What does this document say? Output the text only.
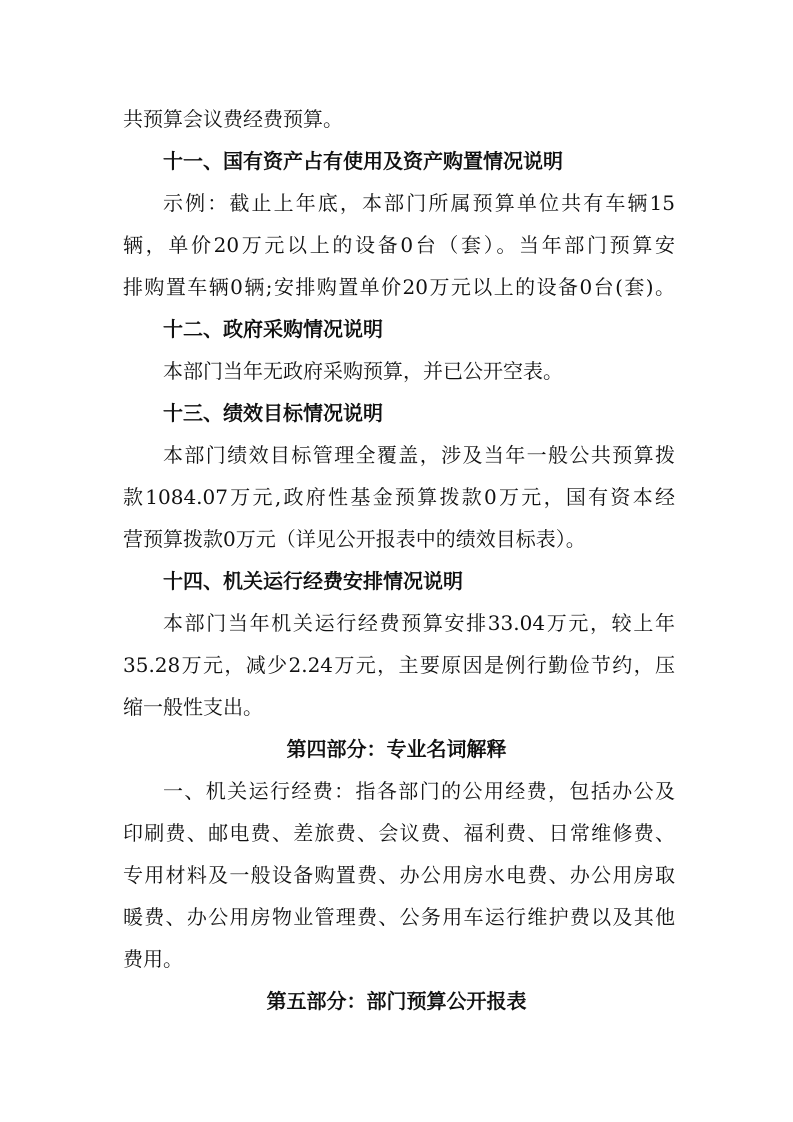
共预算会议费经费预算。
十一、国有资产占有使用及资产购置情况说明
示例：截止上年底，本部门所属预算单位共有车辆15
辆，单价20万元以上的设备0台（套）。当年部门预算安
排购置车辆0辆;安排购置单价20万元以上的设备0台(套)。
十二、政府采购情况说明
本部门当年无政府采购预算，并已公开空表。
十三、绩效目标情况说明
本部门绩效目标管理全覆盖，涉及当年一般公共预算拨
款1084.07万元,政府性基金预算拨款0万元，国有资本经
营预算拨款0万元（详见公开报表中的绩效目标表）。
十四、机关运行经费安排情况说明
本部门当年机关运行经费预算安排33.04万元，较上年
35.28万元，减少2.24万元，主要原因是例行勤俭节约，压
缩一般性支出。
第四部分：专业名词解释
一、机关运行经费：指各部门的公用经费，包括办公及
印刷费、邮电费、差旅费、会议费、福利费、日常维修费、
专用材料及一般设备购置费、办公用房水电费、办公用房取
暖费、办公用房物业管理费、公务用车运行维护费以及其他
费用。
第五部分：部门预算公开报表
